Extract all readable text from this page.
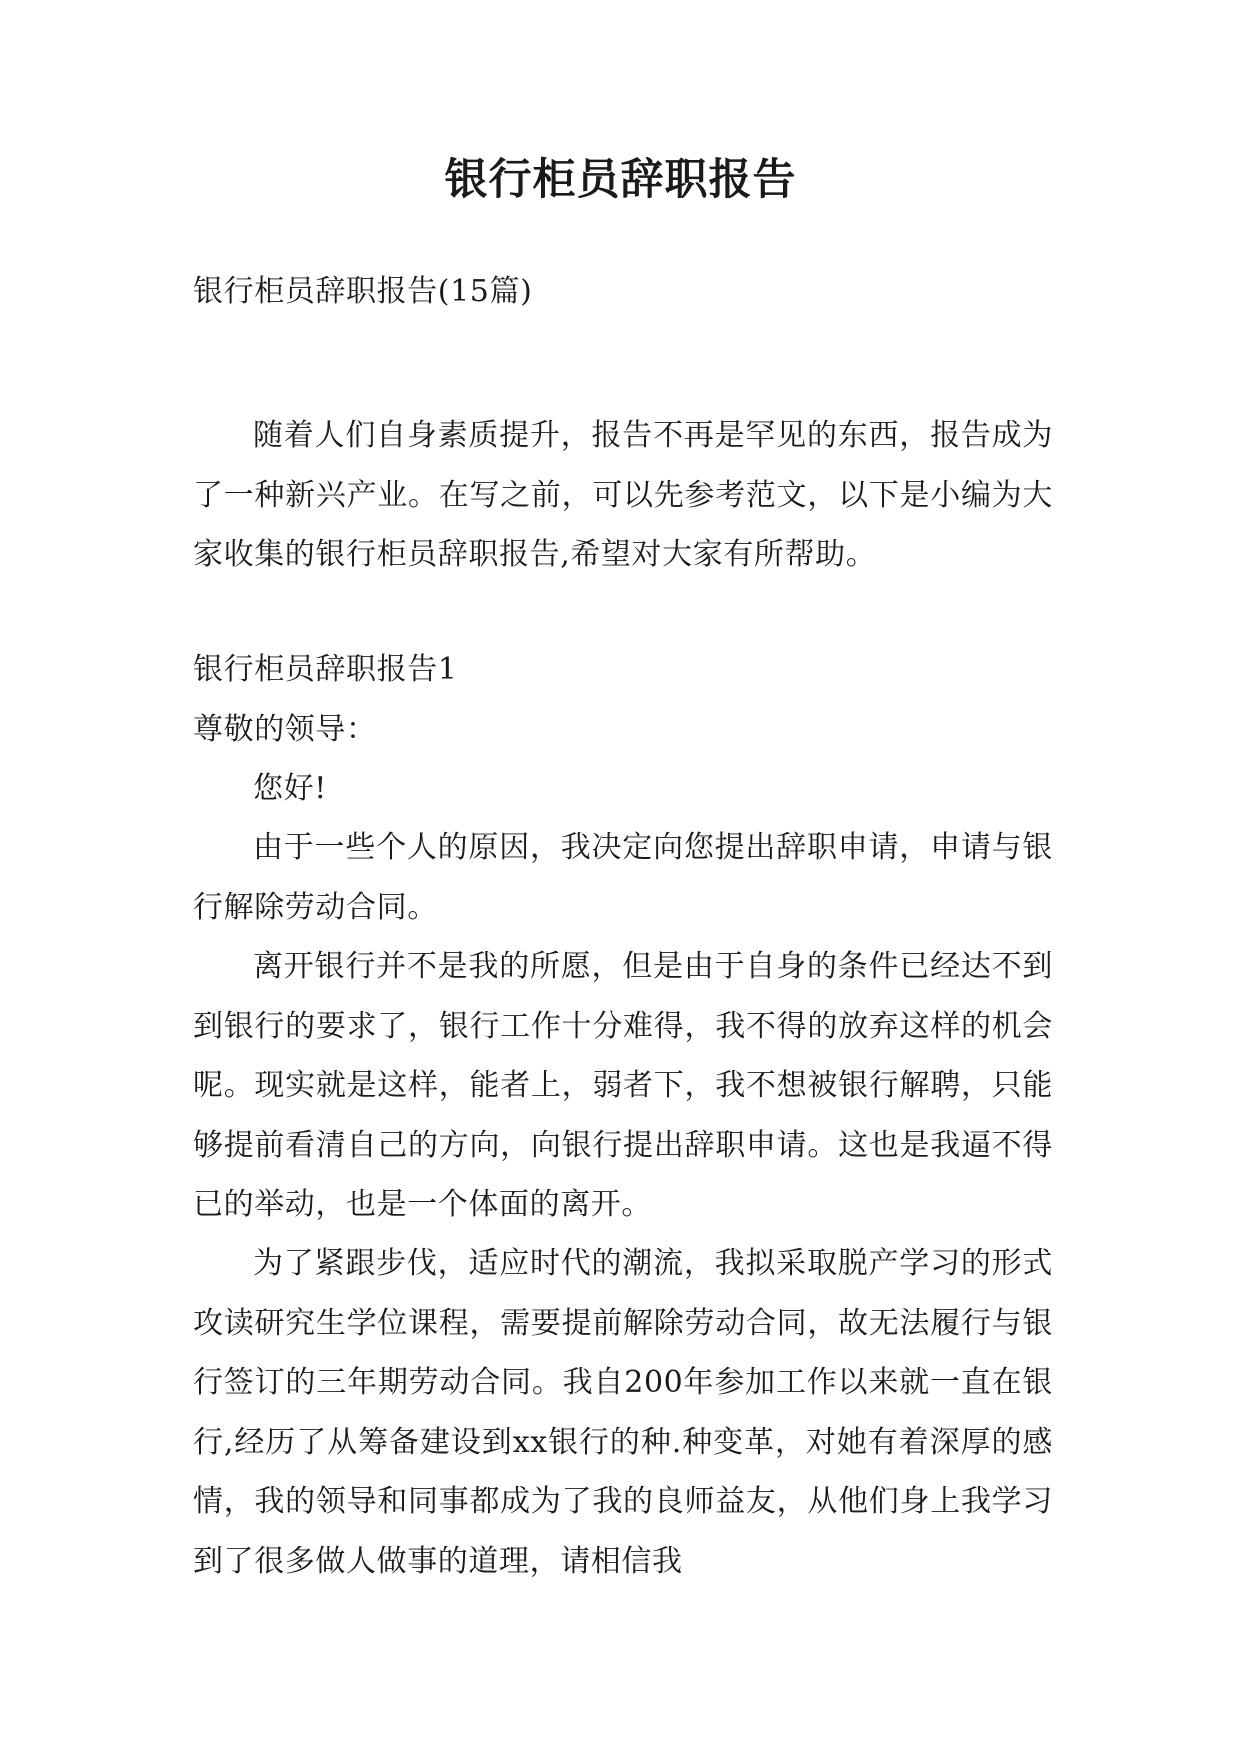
银行柜员辞职报告

银行柜员辞职报告(15篇)

随着人们自身素质提升，报告不再是罕见的东西，报告成为了一种新兴产业。在写之前，可以先参考范文，以下是小编为大家收集的银行柜员辞职报告,希望对大家有所帮助。

银行柜员辞职报告1

尊敬的领导：

您好!

由于一些个人的原因，我决定向您提出辞职申请，申请与银行解除劳动合同。

离开银行并不是我的所愿，但是由于自身的条件已经达不到到银行的要求了，银行工作十分难得，我不得的放弃这样的机会呢。现实就是这样，能者上，弱者下，我不想被银行解聘，只能够提前看清自己的方向，向银行提出辞职申请。这也是我逼不得已的举动，也是一个体面的离开。

为了紧跟步伐，适应时代的潮流，我拟采取脱产学习的形式攻读研究生学位课程，需要提前解除劳动合同，故无法履行与银行签订的三年期劳动合同。我自200年参加工作以来就一直在银行,经历了从筹备建设到xx银行的种.种变革，对她有着深厚的感情，我的领导和同事都成为了我的良师益友，从他们身上我学习到了很多做人做事的道理，请相信我
